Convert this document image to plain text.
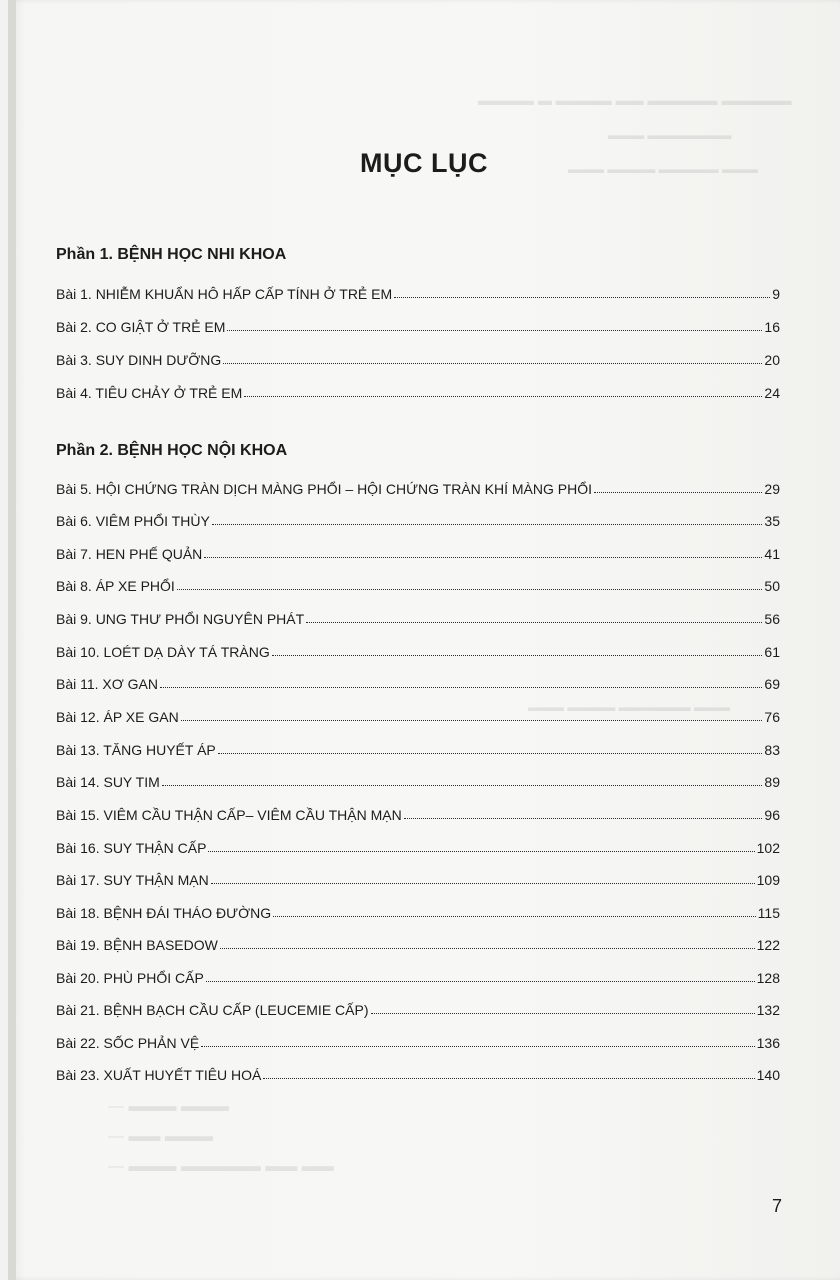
▬▬▬▬ ▬ ▬▬▬▬ ▬▬ ▬▬▬▬▬ ▬▬▬▬▬
▬▬▬ ▬▬▬▬▬▬▬
▬▬▬ ▬▬▬▬ ▬▬▬▬▬ ▬▬▬
▬▬▬ ▬▬▬▬ ▬▬▬▬▬▬ ▬▬▬
— ▬▬▬ ▬▬▬
— ▬▬ ▬▬▬
— ▬▬▬ ▬▬▬▬▬ ▬▬ ▬▬
MỤC LỤC
Phần 1. BỆNH HỌC NHI KHOA
Bài 1. NHIỄM KHUẨN HÔ HẤP CẤP TÍNH Ở TRẺ EM	9
Bài 2. CO GIẬT Ở TRẺ EM	16
Bài 3. SUY DINH DƯỠNG	20
Bài 4. TIÊU CHẢY Ở TRẺ EM	24
Phần 2. BỆNH HỌC NỘI KHOA
Bài 5. HỘI CHỨNG TRÀN DỊCH MÀNG PHỔI – HỘI CHỨNG TRÀN KHÍ MÀNG PHỔI	29
Bài 6. VIÊM PHỔI THÙY	35
Bài 7. HEN PHẾ QUẢN	41
Bài 8. ÁP XE PHỔI	50
Bài 9. UNG THƯ PHỔI NGUYÊN PHÁT	56
Bài 10. LOÉT DẠ DÀY TÁ TRÀNG	61
Bài 11. XƠ GAN	69
Bài 12. ÁP XE GAN	76
Bài 13. TĂNG HUYẾT ÁP	83
Bài 14. SUY TIM	89
Bài 15. VIÊM CẦU THẬN CẤP– VIÊM CẦU THẬN MẠN	96
Bài 16. SUY THẬN CẤP	102
Bài 17. SUY THẬN MẠN	109
Bài 18. BỆNH ĐÁI THÁO ĐƯỜNG	115
Bài 19. BỆNH BASEDOW	122
Bài 20. PHÙ PHỔI CẤP	128
Bài 21. BỆNH BẠCH CẦU CẤP (LEUCEMIE CẤP)	132
Bài 22. SỐC PHẢN VỆ	136
Bài 23. XUẤT HUYẾT TIÊU HOÁ	140
7
